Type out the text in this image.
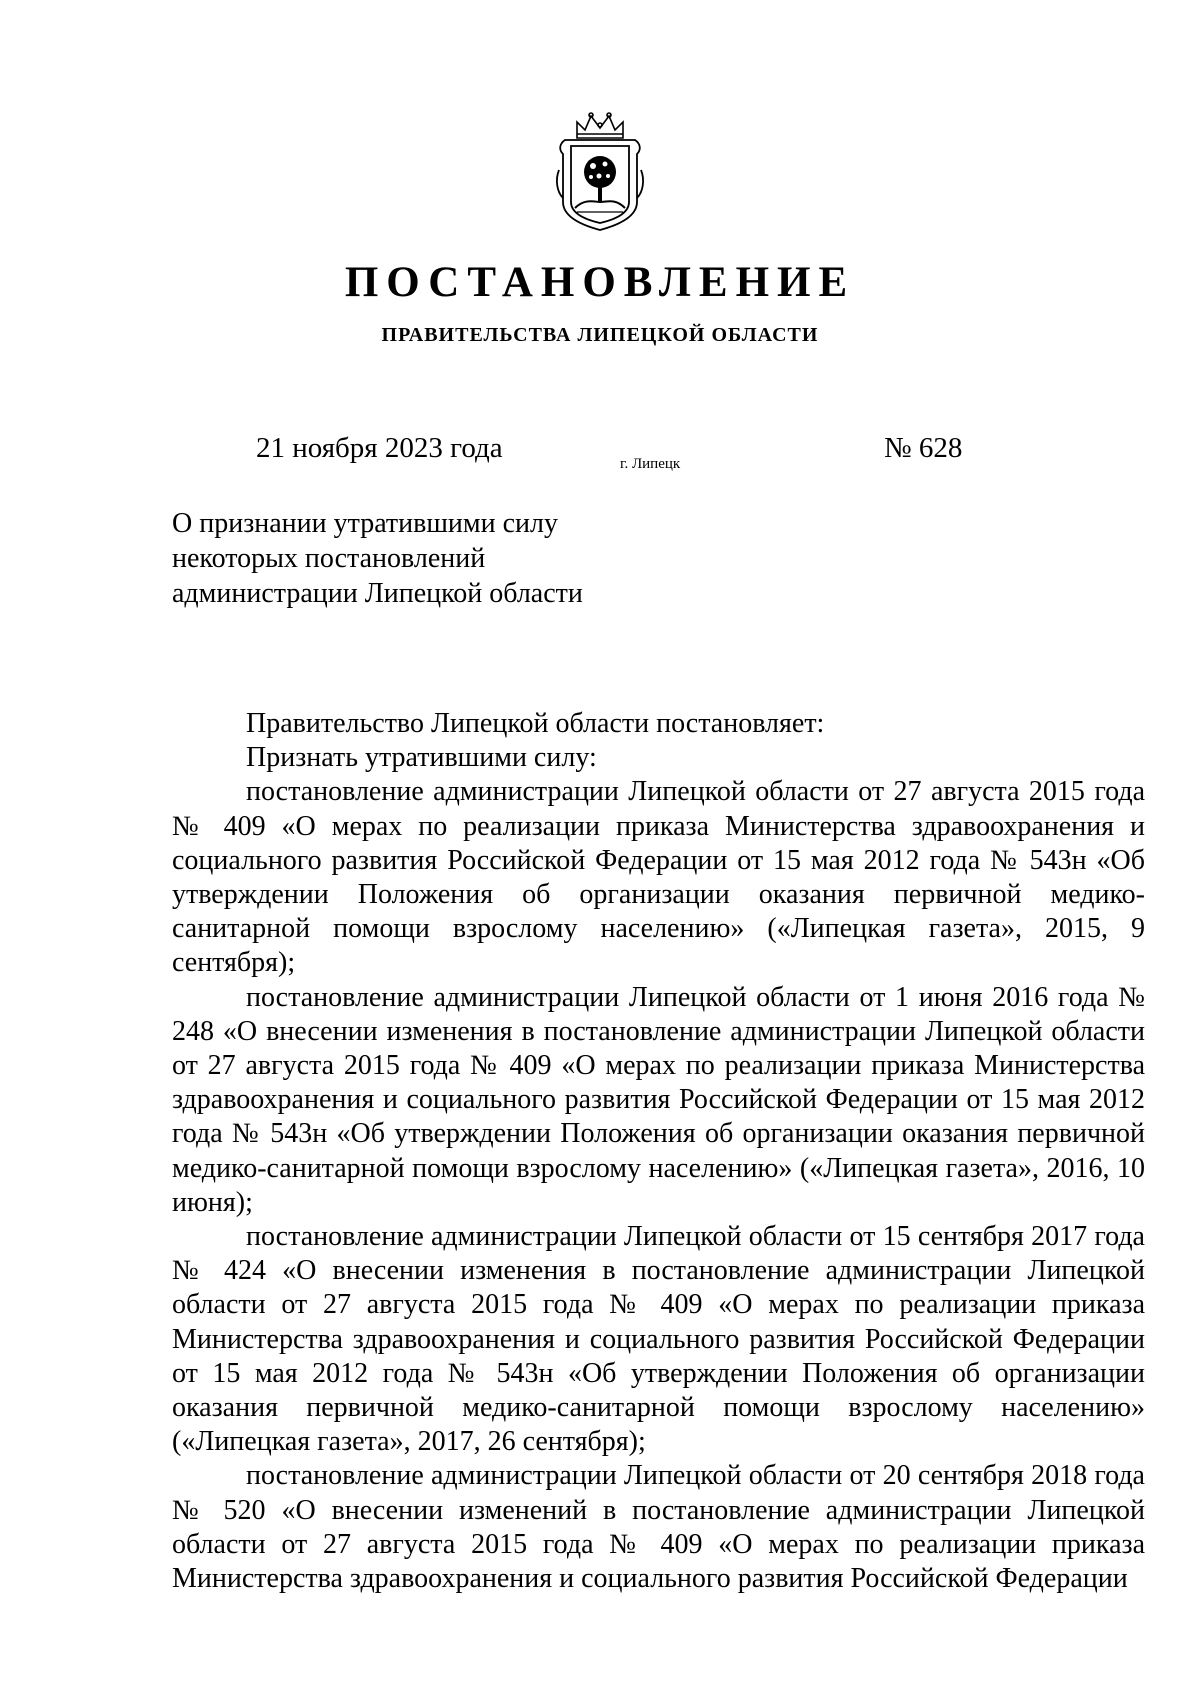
ПОСТАНОВЛЕНИЕ
ПРАВИТЕЛЬСТВА ЛИПЕЦКОЙ ОБЛАСТИ
21 ноября 2023 года	г. Липецк	№ 628
О признании утратившими силу
некоторых постановлений
администрации Липецкой области

Правительство Липецкой области постановляет:

Признать утратившими силу:

постановление администрации Липецкой области от 27 августа 2015 года № 409 «О мерах по реализации приказа Министерства здравоохранения и социального развития Российской Федерации от 15 мая 2012 года № 543н «Об утверждении Положения об организации оказания первичной медико-санитарной помощи взрослому населению» («Липецкая газета», 2015, 9 сентября);

постановление администрации Липецкой области от 1 июня 2016 года № 248 «О внесении изменения в постановление администрации Липецкой области от 27 августа 2015 года № 409 «О мерах по реализации приказа Министерства здравоохранения и социального развития Российской Федерации от 15 мая 2012 года № 543н «Об утверждении Положения об организации оказания первичной медико-санитарной помощи взрослому населению» («Липецкая газета», 2016, 10 июня);

постановление администрации Липецкой области от 15 сентября 2017 года № 424 «О внесении изменения в постановление администрации Липецкой области от 27 августа 2015 года № 409 «О мерах по реализации приказа Министерства здравоохранения и социального развития Российской Федерации от 15 мая 2012 года № 543н «Об утверждении Положения об организации оказания первичной медико-санитарной помощи взрослому населению» («Липецкая газета», 2017, 26 сентября);

постановление администрации Липецкой области от 20 сентября 2018 года № 520 «О внесении изменений в постановление администрации Липецкой области от 27 августа 2015 года № 409 «О мерах по реализации приказа Министерства здравоохранения и социального развития Российской Федерации
